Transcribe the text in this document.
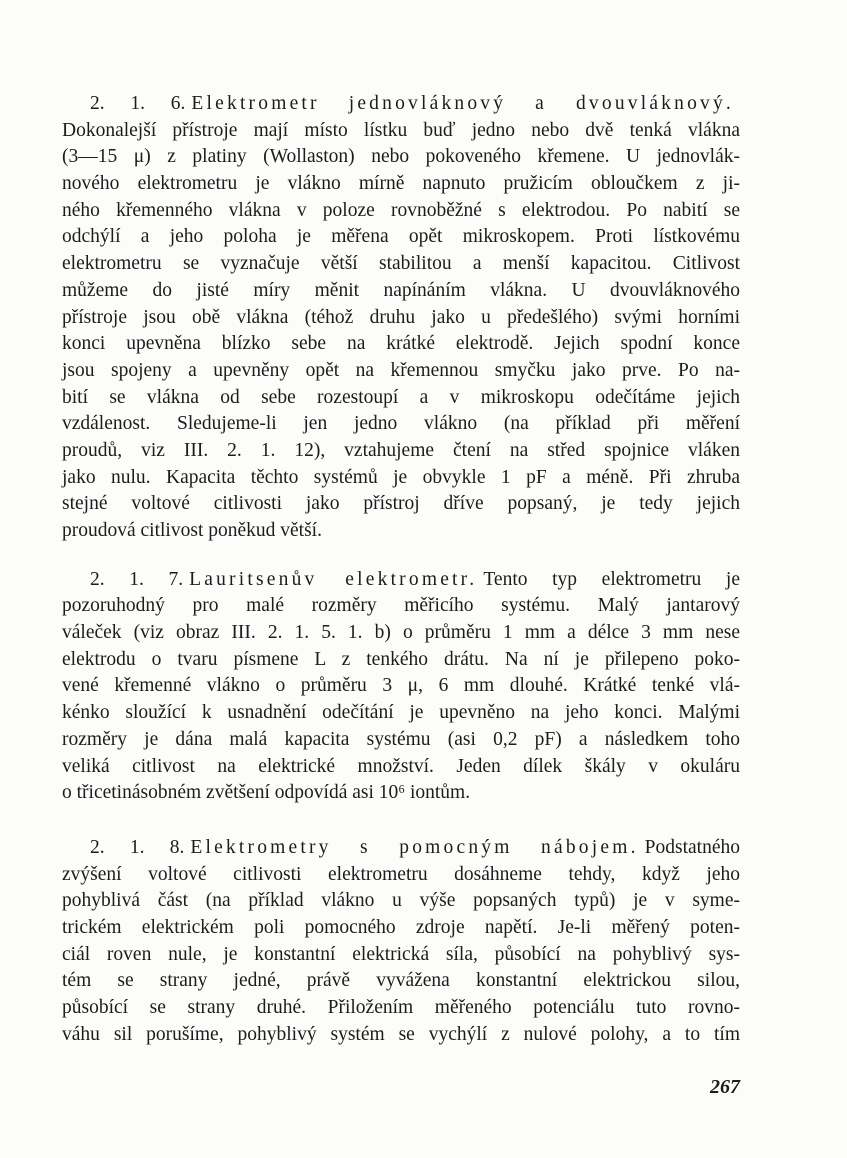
2. 1. 6. Elektrometr jednovláknový a dvouvláknový.
Dokonalejší přístroje mají místo lístku buď jedno nebo dvě tenká vlákna
(3—15 μ) z platiny (Wollaston) nebo pokoveného křemene. U jednovlák-
nového elektrometru je vlákno mírně napnuto pružicím obloučkem z ji-
ného křemenného vlákna v poloze rovnoběžné s elektrodou. Po nabití se
odchýlí a jeho poloha je měřena opět mikroskopem. Proti lístkovému
elektrometru se vyznačuje větší stabilitou a menší kapacitou. Citlivost
můžeme do jisté míry měnit napínáním vlákna. U dvouvláknového
přístroje jsou obě vlákna (téhož druhu jako u předešlého) svými horními
konci upevněna blízko sebe na krátké elektrodě. Jejich spodní konce
jsou spojeny a upevněny opět na křemennou smyčku jako prve. Po na-
bití se vlákna od sebe rozestoupí a v mikroskopu odečítáme jejich
vzdálenost. Sledujeme-li jen jedno vlákno (na příklad při měření
proudů, viz III. 2. 1. 12), vztahujeme čtení na střed spojnice vláken
jako nulu. Kapacita těchto systémů je obvykle 1 pF a méně. Při zhruba
stejné voltové citlivosti jako přístroj dříve popsaný, je tedy jejich
proudová citlivost poněkud větší.
2. 1. 7. Lauritsenův elektrometr. Tento typ elektrometru je
pozoruhodný pro malé rozměry měřicího systému. Malý jantarový
váleček (viz obraz III. 2. 1. 5. 1. b) o průměru 1 mm a délce 3 mm nese
elektrodu o tvaru písmene L z tenkého drátu. Na ní je přilepeno poko-
vené křemenné vlákno o průměru 3 μ, 6 mm dlouhé. Krátké tenké vlá-
kénko sloužící k usnadnění odečítání je upevněno na jeho konci. Malými
rozměry je dána malá kapacita systému (asi 0,2 pF) a následkem toho
veliká citlivost na elektrické množství. Jeden dílek škály v okuláru
o třicetinásobném zvětšení odpovídá asi 10⁶ iontům.
2. 1. 8. Elektrometry s pomocným nábojem. Podstatného
zvýšení voltové citlivosti elektrometru dosáhneme tehdy, když jeho
pohyblivá část (na příklad vlákno u výše popsaných typů) je v syme-
trickém elektrickém poli pomocného zdroje napětí. Je-li měřený poten-
ciál roven nule, je konstantní elektrická síla, působící na pohyblivý sys-
tém se strany jedné, právě vyvážena konstantní elektrickou silou,
působící se strany druhé. Přiložením měřeného potenciálu tuto rovno-
váhu sil porušíme, pohyblivý systém se vychýlí z nulové polohy, a to tím
267
